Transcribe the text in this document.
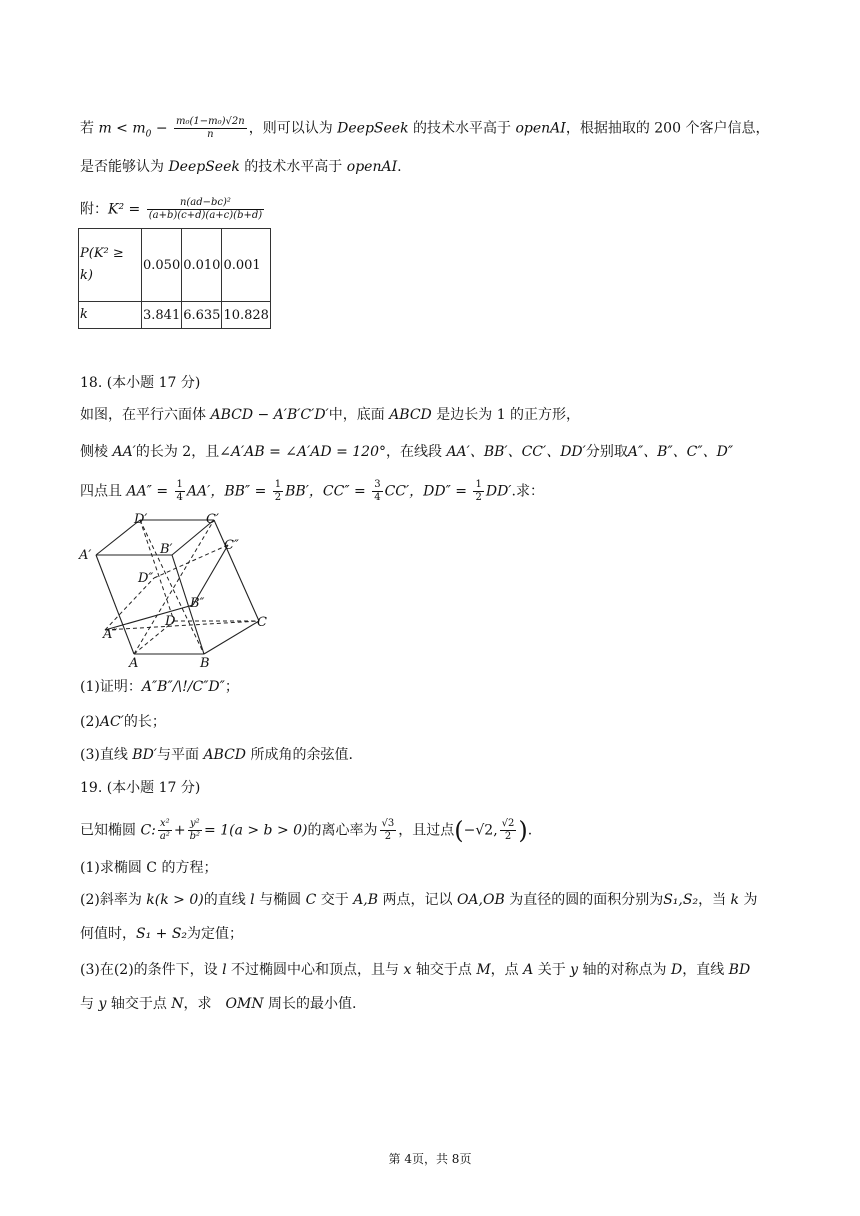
若 $m < m_0 - \frac{\text{m₀(1−m₀)√2n}}{n}$ ，则可以认为 DeepSeek 的技术水平高于 openAI，根据抽取的 200 个客户信息，
是否能够认为 DeepSeek 的技术水平高于 openAI.
附：$K^2 = \frac{\text{n(ad−bc)²}}{(a+b)(c+d)(a+c)(b+d)}$
P(K² ≥ k)	0.050	0.010	0.001
k	3.841	6.635	10.828
18. (本小题 17 分)
如图，在平行六面体 ABCD − A′B′C′D′中，底面 ABCD 是边长为 1 的正方形，
侧棱 AA′的长为 2，且∠A′AB = ∠A′AD = 120°，在线段 AA′、BB′、CC′、DD′分别取A″、B″、C″、D″
四点且 $AA'' = \frac{1}{4} AA'$，$BB'' = \frac{1}{2} BB'$，$CC'' = \frac{3}{4} CC'$，$DD'' = \frac{1}{2} DD'$.求：
D′	C′
A′	B′	C″
D″
B″
C
A″
D
A	B
(1)证明：A″B″/\!/C″D″；
(2)AC′的长；
(3)直线 BD′与平面 ABCD 所成角的余弦值.
19. (本小题 17 分)
已知椭圆 C: $\frac{\text{x²}}{\text{a²}} + \frac{\text{y²}}{\text{b²}} = 1(a > b > 0)$的离心率为 $\frac{√3}{2}$ ，且过点(−√2, $\frac{√2}{2}$ ).
(1)求椭圆 C 的方程；
(2)斜率为 k(k > 0)的直线 l 与椭圆 C 交于 A,B 两点，记以 OA,OB 为直径的圆的面积分别为S₁,S₂，当 k 为
何值时，S₁ + S₂为定值；
(3)在(2)的条件下，设 l 不过椭圆中心和顶点，且与 x 轴交于点 M，点 A 关于 y 轴的对称点为 D，直线 BD
与 y 轴交于点 N，求　OMN 周长的最小值.
第 4页，共 8页
